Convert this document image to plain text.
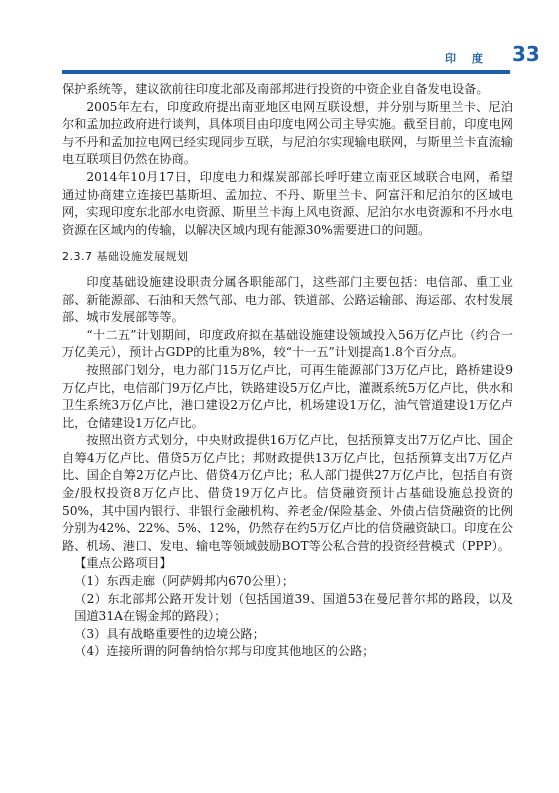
印 度 33

保护系统等，建议欲前往印度北部及南部邦进行投资的中资企业自备发电设备。

2005年左右，印度政府提出南亚地区电网互联设想，并分别与斯里兰卡、尼泊尔和孟加拉政府进行谈判，具体项目由印度电网公司主导实施。截至目前，印度电网与不丹和孟加拉电网已经实现同步互联，与尼泊尔实现输电联网，与斯里兰卡直流输电互联项目仍然在协商。

2014年10月17日，印度电力和煤炭部部长呼吁建立南亚区域联合电网，希望通过协商建立连接巴基斯坦、孟加拉、不丹、斯里兰卡、阿富汗和尼泊尔的区域电网，实现印度东北部水电资源、斯里兰卡海上风电资源、尼泊尔水电资源和不丹水电资源在区域内的传输，以解决区域内现有能源30%需要进口的问题。

2.3.7 基础设施发展规划

印度基础设施建设职责分属各职能部门，这些部门主要包括：电信部、重工业部、新能源部、石油和天然气部、电力部、铁道部、公路运输部、海运部、农村发展部、城市发展部等等。

“十二五”计划期间，印度政府拟在基础设施建设领域投入56万亿卢比（约合一万亿美元），预计占GDP的比重为8%，较“十一五”计划提高1.8个百分点。

按照部门划分，电力部门15万亿卢比，可再生能源部门3万亿卢比，路桥建设9万亿卢比，电信部门9万亿卢比，铁路建设5万亿卢比，灌溉系统5万亿卢比，供水和卫生系统3万亿卢比，港口建设2万亿卢比，机场建设1万亿，油气管道建设1万亿卢比，仓储建设1万亿卢比。

按照出资方式划分，中央财政提供16万亿卢比，包括预算支出7万亿卢比、国企自筹4万亿卢比、借贷5万亿卢比；邦财政提供13万亿卢比，包括预算支出7万亿卢比、国企自筹2万亿卢比、借贷4万亿卢比；私人部门提供27万亿卢比，包括自有资金/股权投资8万亿卢比、借贷19万亿卢比。信贷融资预计占基础设施总投资的50%，其中国内银行、非银行金融机构、养老金/保险基金、外债占信贷融资的比例分别为42%、22%、5%、12%，仍然存在约5万亿卢比的信贷融资缺口。印度在公路、机场、港口、发电、输电等领域鼓励BOT等公私合营的投资经营模式（PPP）。

【重点公路项目】

（1）东西走廊（阿萨姆邦内670公里）；

（2）东北部邦公路开发计划（包括国道39、国道53在曼尼普尔邦的路段，以及国道31A在锡金邦的路段）；

（3）具有战略重要性的边境公路；

（4）连接所谓的阿鲁纳恰尔邦与印度其他地区的公路；
